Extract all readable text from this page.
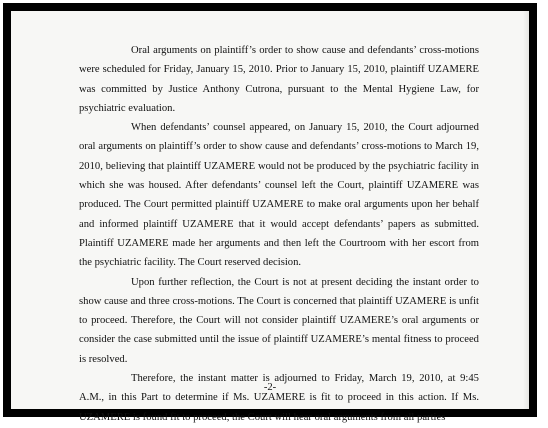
Oral arguments on plaintiff’s order to show cause and defendants’ cross-motions were scheduled for Friday, January 15, 2010. Prior to January 15, 2010, plaintiff UZAMERE was committed by Justice Anthony Cutrona, pursuant to the Mental Hygiene Law, for psychiatric evaluation.

When defendants’ counsel appeared, on January 15, 2010, the Court adjourned oral arguments on plaintiff’s order to show cause and defendants’ cross-motions to March 19, 2010, believing that plaintiff UZAMERE would not be produced by the psychiatric facility in which she was housed. After defendants’ counsel left the Court, plaintiff UZAMERE was produced. The Court permitted plaintiff UZAMERE to make oral arguments upon her behalf and informed plaintiff UZAMERE that it would accept defendants’ papers as submitted. Plaintiff UZAMERE made her arguments and then left the Courtroom with her escort from the psychiatric facility. The Court reserved decision.

Upon further reflection, the Court is not at present deciding the instant order to show cause and three cross-motions. The Court is concerned that plaintiff UZAMERE is unfit to proceed. Therefore, the Court will not consider plaintiff UZAMERE’s oral arguments or consider the case submitted until the issue of plaintiff UZAMERE’s mental fitness to proceed is resolved.

Therefore, the instant matter is adjourned to Friday, March 19, 2010, at 9:45 A.M., in this Part to determine if Ms. UZAMERE is fit to proceed in this action. If Ms. UZAMERE is found fit to proceed, the Court will hear oral arguments from all parties

-2-
